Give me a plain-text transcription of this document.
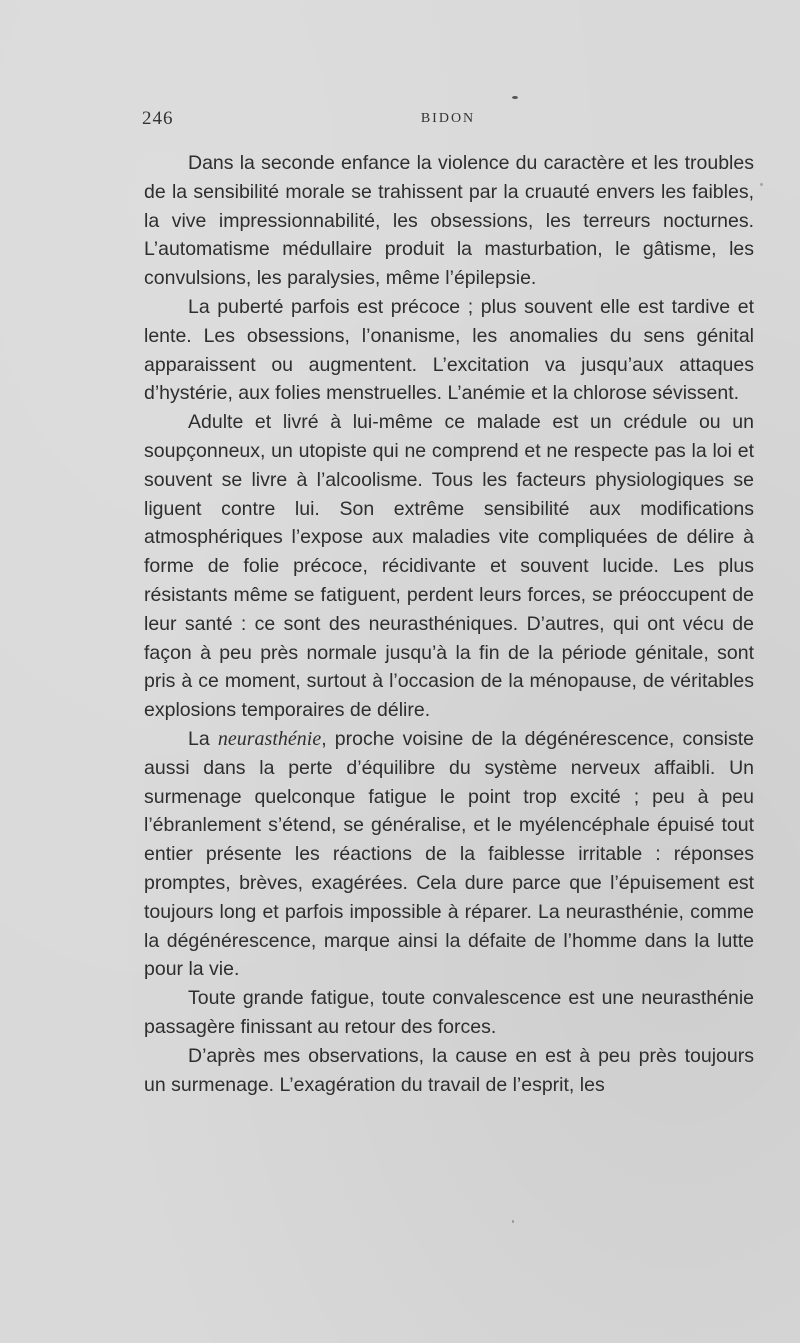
246	BIDON

Dans la seconde enfance la violence du caractère et les troubles de la sensibilité morale se trahissent par la cruauté envers les faibles, la vive impressionnabilité, les obsessions, les terreurs nocturnes. L’automatisme médullaire produit la masturbation, le gâtisme, les convulsions, les paralysies, même l’épilepsie.

La puberté parfois est précoce ; plus souvent elle est tardive et lente. Les obsessions, l’onanisme, les anomalies du sens génital apparaissent ou augmentent. L’excitation va jusqu’aux attaques d’hystérie, aux folies menstruelles. L’anémie et la chlorose sévissent.

Adulte et livré à lui-même ce malade est un crédule ou un soupçonneux, un utopiste qui ne comprend et ne respecte pas la loi et souvent se livre à l’alcoolisme. Tous les facteurs physiologiques se liguent contre lui. Son extrême sensibilité aux modifications atmosphériques l’expose aux maladies vite compliquées de délire à forme de folie précoce, récidivante et souvent lucide. Les plus résistants même se fatiguent, perdent leurs forces, se préoccupent de leur santé : ce sont des neurasthéniques. D’autres, qui ont vécu de façon à peu près normale jusqu’à la fin de la période génitale, sont pris à ce moment, surtout à l’occasion de la ménopause, de véritables explosions temporaires de délire.

La neurasthénie, proche voisine de la dégénérescence, consiste aussi dans la perte d’équilibre du système nerveux affaibli. Un surmenage quelconque fatigue le point trop excité ; peu à peu l’ébranlement s’étend, se généralise, et le myélencéphale épuisé tout entier présente les réactions de la faiblesse irritable : réponses promptes, brèves, exagérées. Cela dure parce que l’épuisement est toujours long et parfois impossible à réparer. La neurasthénie, comme la dégénérescence, marque ainsi la défaite de l’homme dans la lutte pour la vie.

Toute grande fatigue, toute convalescence est une neurasthénie passagère finissant au retour des forces.

D’après mes observations, la cause en est à peu près toujours un surmenage. L’exagération du travail de l’esprit, les
